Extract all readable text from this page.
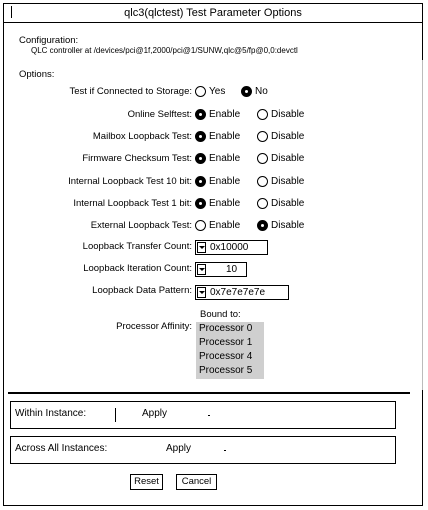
qlc3(qlctest) Test Parameter Options
Configuration:
QLC controller at /devices/pci@1f,2000/pci@1/SUNW,qlc@5/fp@0,0:devctl
Options:
Test if Connected to Storage: Yes	No
Online Selftest: Enable	Disable
Mailbox Loopback Test: Enable	Disable
Firmware Checksum Test: Enable	Disable
Internal Loopback Test 10 bit: Enable	Disable
Internal Loopback Test 1 bit: Enable	Disable
External Loopback Test: Enable	Disable
Loopback Transfer Count: 0x10000
Loopback Iteration Count:	10
Loopback Data Pattern: 0x7e7e7e7e
Bound to:
Processor Affinity: Processor 0
Processor 1
Processor 4
Processor 5
Within Instance:	Apply
Across All Instances:	Apply
Reset	Cancel
